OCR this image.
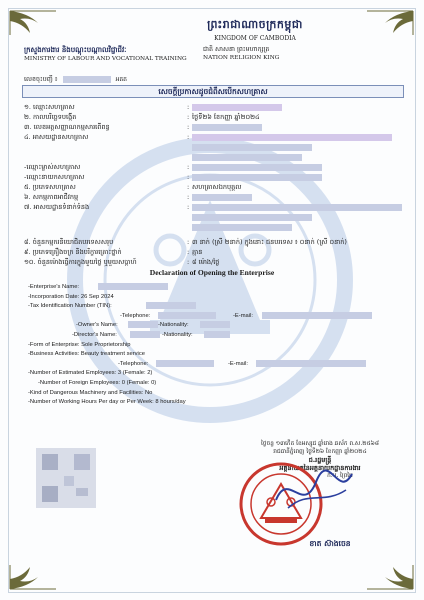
ព្រះរាជាណាចក្រកម្ពុជា
KINGDOM OF CAMBODIA
ក្រសួងការងារ និងបណ្តុះបណ្តាលវិជ្ជាជីវៈ
MINISTRY OF LABOUR AND VOCATIONAL TRAINING
ជាតិ សាសនា ព្រះមហាក្សត្រ
NATION RELIGION KING
លេខចុះបញ្ជី ៖	អគត
សេចក្តីប្រកាសដូចជំពឹសបើកសហគ្រាស
១. ឈ្មោះសហគ្រាស	:
២. កាលបរិច្ឆេទបង្កើត	: ថ្ងៃទី២៦ ខែកញ្ញា ឆ្នាំ២០២៤
៣. លេខអត្តសញ្ញាណកម្មសារពើពន្ធ	:
៤. អាសយដ្ឋានសហគ្រាស	:
-ឈ្មោះម្ចាស់សហគ្រាស	:
-ឈ្មោះនាយកសហគ្រាស	:
៥. ប្រភេទសហគ្រាស	: សហគ្រាសឯកបុគ្គល
៦. សកម្មភាពអាជីវកម្ម	:
៧. អាសយដ្ឋានទំនាក់ទំនង	:
៨. ចំនួនកម្មករនិយោជិតបរទេសសរុប	: ៣ នាក់ (ស្រី ២នាក់) ក្នុងនោះ ជនបរទេស ៖ ០នាក់ (ស្រី ០នាក់)
៩. ប្រភេទគ្រឿងចក្រ និងបរិក្ខារគ្រោះថ្នាក់	: គ្មាន
១០. ចំនួនម៉ោងធ្វើការក្នុងមួយថ្ងៃ ឬមួយសប្តាហ៍	: ៨ ម៉ោង/ថ្ងៃ
Declaration of Opening the Enterprise
-Enterprise's Name:
-Incorporation Date: 26 Sep 2024
-Tax Identification Number (TIN):
-Telephone:	-E-mail:
-Owner's Name:	-Nationality:
-Director's Name:	-Nationality:
-Form of Enterprise: Sole Proprietorship
-Business Activities: Beauty treatment service
-Telephone:	-E-mail:
-Number of Estimated Employees: 3 (Female: 2)
-Number of Foreign Employees: 0 (Female: 0)
-Kind of Dangerous Machinery and Facilities: No
-Number of Working Hours Per day or Per Week: 8 hours/day
ថ្ងៃចន្ទ ១៣កើត ខែអស្សុជ ឆ្នាំរោង ឆស័ក ព.ស.២៥៦៨
រាជធានីភ្នំពេញ ថ្ងៃទី២៦ ខែកញ្ញា ឆ្នាំ២០២៤
ជ.រដ្ឋមន្រ្តី
អគ្គនាយកនៃអគ្គនាយកដ្ឋានការងារ
ក.ប. ព្រៃអៃ
ខាត ស៊ាងចេន
